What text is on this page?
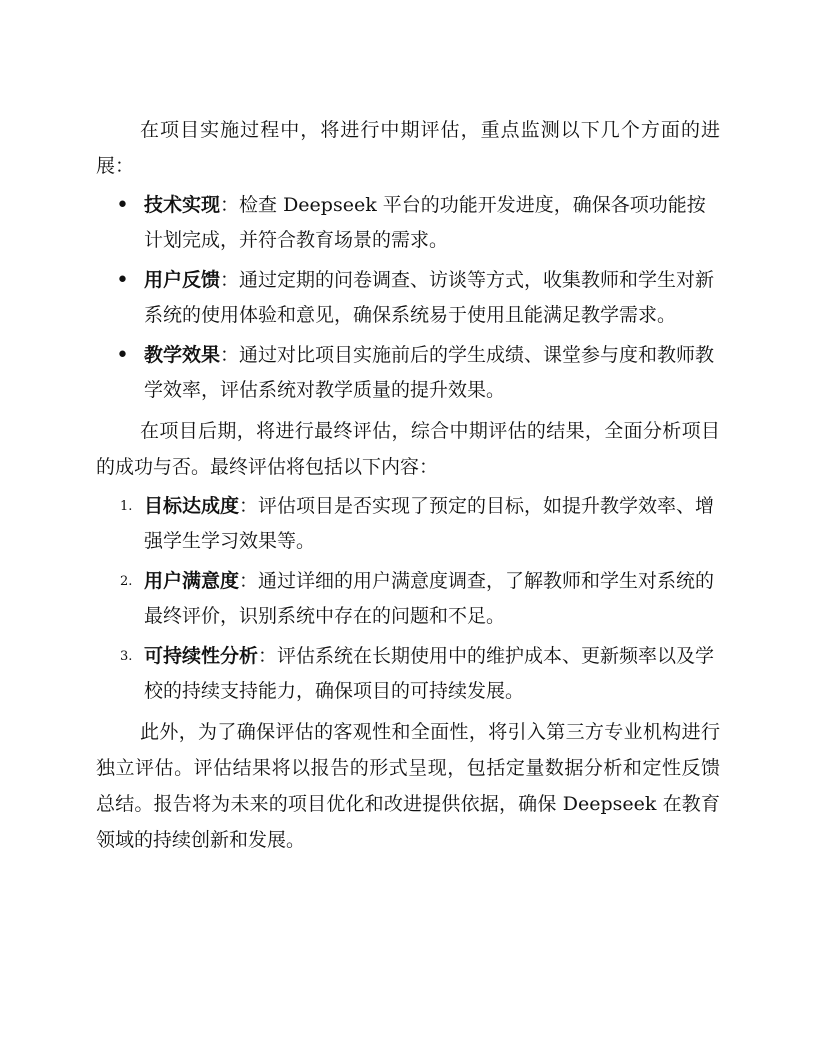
在项目实施过程中，将进行中期评估，重点监测以下几个方面的进展：

• 技术实现：检查 Deepseek 平台的功能开发进度，确保各项功能按计划完成，并符合教育场景的需求。
• 用户反馈：通过定期的问卷调查、访谈等方式，收集教师和学生对新系统的使用体验和意见，确保系统易于使用且能满足教学需求。
• 教学效果：通过对比项目实施前后的学生成绩、课堂参与度和教师教学效率，评估系统对教学质量的提升效果。

在项目后期，将进行最终评估，综合中期评估的结果，全面分析项目的成功与否。最终评估将包括以下内容：

1. 目标达成度：评估项目是否实现了预定的目标，如提升教学效率、增强学生学习效果等。
2. 用户满意度：通过详细的用户满意度调查，了解教师和学生对系统的最终评价，识别系统中存在的问题和不足。
3. 可持续性分析：评估系统在长期使用中的维护成本、更新频率以及学校的持续支持能力，确保项目的可持续发展。

此外，为了确保评估的客观性和全面性，将引入第三方专业机构进行独立评估。评估结果将以报告的形式呈现，包括定量数据分析和定性反馈总结。报告将为未来的项目优化和改进提供依据，确保 Deepseek 在教育领域的持续创新和发展。
